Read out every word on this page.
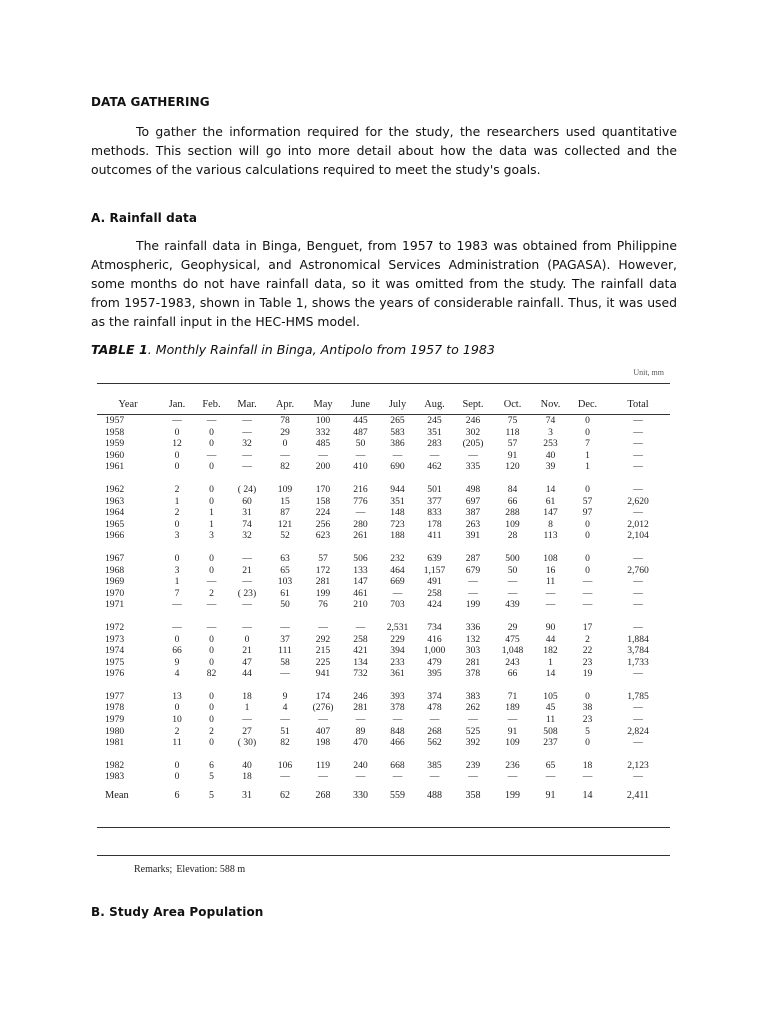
DATA GATHERING

To gather the information required for the study, the researchers used quantitative methods. This section will go into more detail about how the data was collected and the outcomes of the various calculations required to meet the study's goals.

A. Rainfall data

The rainfall data in Binga, Benguet, from 1957 to 1983 was obtained from Philippine Atmospheric, Geophysical, and Astronomical Services Administration (PAGASA). However, some months do not have rainfall data, so it was omitted from the study. The rainfall data from 1957-1983, shown in Table 1, shows the years of considerable rainfall. Thus, it was used as the rainfall input in the HEC-HMS model.

TABLE 1. Monthly Rainfall in Binga, Antipolo from 1957 to 1983
Unit, mm
Year	Jan.	Feb.	Mar.	Apr.	May	June	July	Aug.	Sept.	Oct.	Nov.	Dec.	Total
1957	—	—	—	78	100	445	265	245	246	75	74	0	—
1958	0	0	—	29	332	487	583	351	302	118	3	0	—
1959	12	0	32	0	485	50	386	283	(205)	57	253	7	—
1960	0	—	—	—	—	—	—	—	—	91	40	1	—
1961	0	0	—	82	200	410	690	462	335	120	39	1	—

1962	2	0	( 24)	109	170	216	944	501	498	84	14	0	—
1963	1	0	60	15	158	776	351	377	697	66	61	57	2,620
1964	2	1	31	87	224	—	148	833	387	288	147	97	—
1965	0	1	74	121	256	280	723	178	263	109	8	0	2,012
1966	3	3	32	52	623	261	188	411	391	28	113	0	2,104

1967	0	0	—	63	57	506	232	639	287	500	108	0	—
1968	3	0	21	65	172	133	464	1,157	679	50	16	0	2,760
1969	1	—	—	103	281	147	669	491	—	—	11	—	—
1970	7	2	( 23)	61	199	461	—	258	—	—	—	—	—
1971	—	—	—	50	76	210	703	424	199	439	—	—	—

1972	—	—	—	—	—	—	2,531	734	336	29	90	17	—
1973	0	0	0	37	292	258	229	416	132	475	44	2	1,884
1974	66	0	21	111	215	421	394	1,000	303	1,048	182	22	3,784
1975	9	0	47	58	225	134	233	479	281	243	1	23	1,733
1976	4	82	44	—	941	732	361	395	378	66	14	19	—

1977	13	0	18	9	174	246	393	374	383	71	105	0	1,785
1978	0	0	1	4	(276)	281	378	478	262	189	45	38	—
1979	10	0	—	—	—	—	—	—	—	—	11	23	—
1980	2	2	27	51	407	89	848	268	525	91	508	5	2,824
1981	11	0	( 30)	82	198	470	466	562	392	109	237	0	—

1982	0	6	40	106	119	240	668	385	239	236	65	18	2,123
1983	0	5	18	—	—	—	—	—	—	—	—	—	—
Mean	6	5	31	62	268	330	559	488	358	199	91	14	2,411
Remarks; Elevation: 588 m
B. Study Area Population
